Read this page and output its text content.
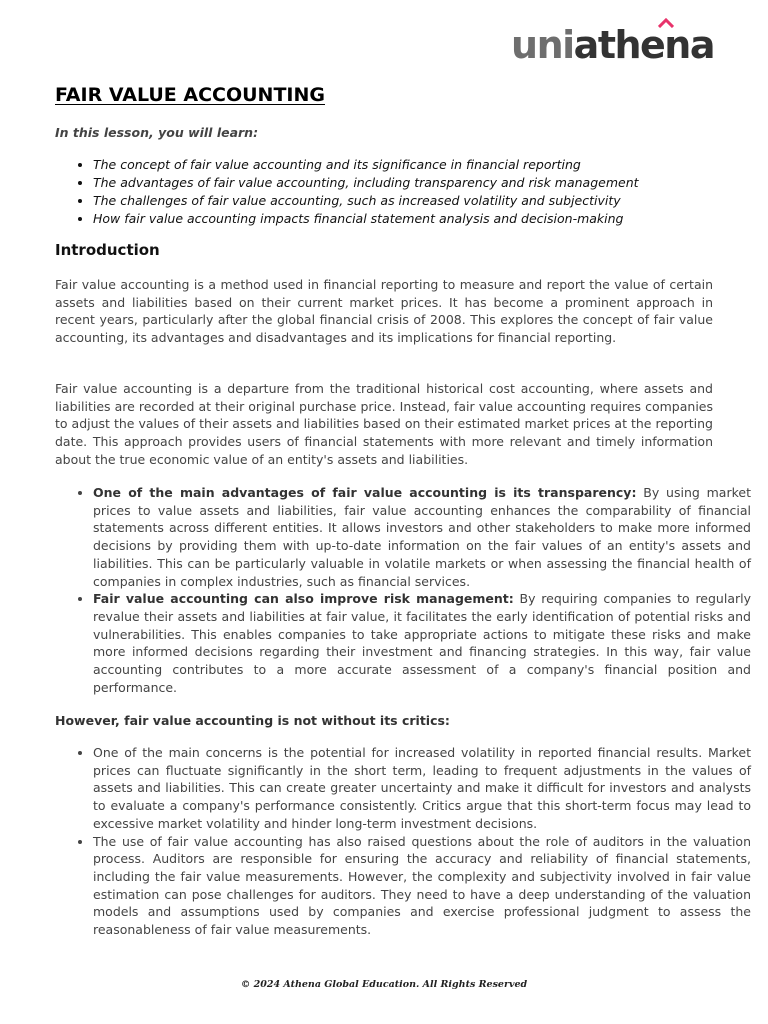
uniathena
FAIR VALUE ACCOUNTING

In this lesson, you will learn:

• The concept of fair value accounting and its significance in financial reporting
• The advantages of fair value accounting, including transparency and risk management
• The challenges of fair value accounting, such as increased volatility and subjectivity
• How fair value accounting impacts financial statement analysis and decision-making
Introduction

Fair value accounting is a method used in financial reporting to measure and report the value of certain assets and liabilities based on their current market prices. It has become a prominent approach in recent years, particularly after the global financial crisis of 2008. This explores the concept of fair value accounting, its advantages and disadvantages and its implications for financial reporting.

Fair value accounting is a departure from the traditional historical cost accounting, where assets and liabilities are recorded at their original purchase price. Instead, fair value accounting requires companies to adjust the values of their assets and liabilities based on their estimated market prices at the reporting date. This approach provides users of financial statements with more relevant and timely information about the true economic value of an entity's assets and liabilities.

• One of the main advantages of fair value accounting is its transparency: By using market prices to value assets and liabilities, fair value accounting enhances the comparability of financial statements across different entities. It allows investors and other stakeholders to make more informed decisions by providing them with up-to-date information on the fair values of an entity's assets and liabilities. This can be particularly valuable in volatile markets or when assessing the financial health of companies in complex industries, such as financial services.
• Fair value accounting can also improve risk management: By requiring companies to regularly revalue their assets and liabilities at fair value, it facilitates the early identification of potential risks and vulnerabilities. This enables companies to take appropriate actions to mitigate these risks and make more informed decisions regarding their investment and financing strategies. In this way, fair value accounting contributes to a more accurate assessment of a company's financial position and performance.

However, fair value accounting is not without its critics:

• One of the main concerns is the potential for increased volatility in reported financial results. Market prices can fluctuate significantly in the short term, leading to frequent adjustments in the values of assets and liabilities. This can create greater uncertainty and make it difficult for investors and analysts to evaluate a company's performance consistently. Critics argue that this short-term focus may lead to excessive market volatility and hinder long-term investment decisions.
• The use of fair value accounting has also raised questions about the role of auditors in the valuation process. Auditors are responsible for ensuring the accuracy and reliability of financial statements, including the fair value measurements. However, the complexity and subjectivity involved in fair value estimation can pose challenges for auditors. They need to have a deep understanding of the valuation models and assumptions used by companies and exercise professional judgment to assess the reasonableness of fair value measurements.
© 2024 Athena Global Education. All Rights Reserved
